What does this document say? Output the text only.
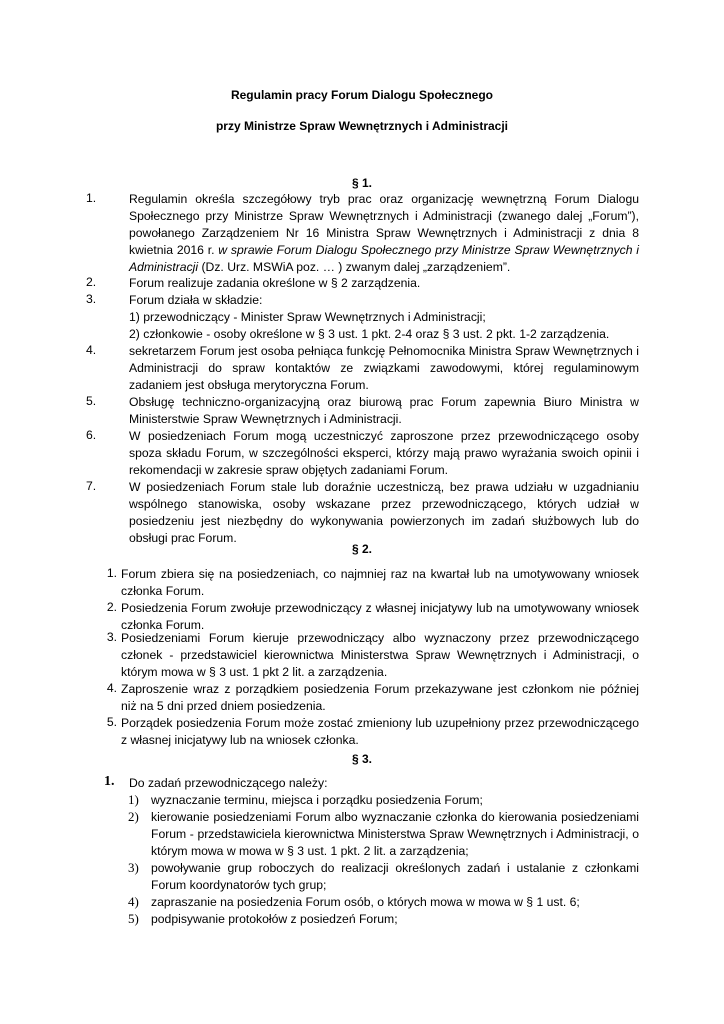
Regulamin pracy Forum Dialogu Społecznego
przy Ministrze Spraw Wewnętrznych i Administracji
§ 1.
1.	Regulamin określa szczegółowy tryb prac oraz organizację wewnętrzną Forum Dialogu Społecznego przy Ministrze Spraw Wewnętrznych i Administracji (zwanego dalej „Forum”), powołanego Zarządzeniem Nr 16 Ministra Spraw Wewnętrznych i Administracji z dnia 8 kwietnia 2016 r. w sprawie Forum Dialogu Społecznego przy Ministrze Spraw Wewnętrznych i Administracji (Dz. Urz. MSWiA poz. … ) zwanym dalej „zarządzeniem”.
2.	Forum realizuje zadania określone w § 2 zarządzenia.
3.	Forum działa w składzie:
1) przewodniczący - Minister Spraw Wewnętrznych i Administracji;
2) członkowie - osoby określone w § 3 ust. 1 pkt. 2-4 oraz § 3 ust. 2 pkt. 1-2 zarządzenia.
4.	sekretarzem Forum jest osoba pełniąca funkcję Pełnomocnika Ministra Spraw Wewnętrznych i Administracji do spraw kontaktów ze związkami zawodowymi, której regulaminowym zadaniem jest obsługa merytoryczna Forum.
5.	Obsługę techniczno-organizacyjną oraz biurową prac Forum zapewnia Biuro Ministra w Ministerstwie Spraw Wewnętrznych i Administracji.
6.	W posiedzeniach Forum mogą uczestniczyć zaproszone przez przewodniczącego osoby spoza składu Forum, w szczególności eksperci, którzy mają prawo wyrażania swoich opinii i rekomendacji w zakresie spraw objętych zadaniami Forum.
7.	W posiedzeniach Forum stale lub doraźnie uczestniczą, bez prawa udziału w uzgadnianiu wspólnego stanowiska, osoby wskazane przez przewodniczącego, których udział w posiedzeniu jest niezbędny do wykonywania powierzonych im zadań służbowych lub do obsługi prac Forum.
§ 2.
1. Forum zbiera się na posiedzeniach, co najmniej raz na kwartał lub na umotywowany wniosek członka Forum.
2. Posiedzenia Forum zwołuje przewodniczący z własnej inicjatywy lub na umotywowany wniosek członka Forum.
3. Posiedzeniami Forum kieruje przewodniczący albo wyznaczony przez przewodniczącego członek - przedstawiciel kierownictwa Ministerstwa Spraw Wewnętrznych i Administracji, o którym mowa w § 3 ust. 1 pkt 2 lit. a zarządzenia.
4. Zaproszenie wraz z porządkiem posiedzenia Forum przekazywane jest członkom nie później niż na 5 dni przed dniem posiedzenia.
5. Porządek posiedzenia Forum może zostać zmieniony lub uzupełniony przez przewodniczącego z własnej inicjatywy lub na wniosek członka.
§ 3.
1.	Do zadań przewodniczącego należy:
1) wyznaczanie terminu, miejsca i porządku posiedzenia Forum;
2) kierowanie posiedzeniami Forum albo wyznaczanie członka do kierowania posiedzeniami Forum - przedstawiciela kierownictwa Ministerstwa Spraw Wewnętrznych i Administracji, o którym mowa w mowa w § 3 ust. 1 pkt. 2 lit. a zarządzenia;
3) powoływanie grup roboczych do realizacji określonych zadań i ustalanie z członkami Forum koordynatorów tych grup;
4) zapraszanie na posiedzenia Forum osób, o których mowa w mowa w § 1 ust. 6;
5) podpisywanie protokołów z posiedzeń Forum;
